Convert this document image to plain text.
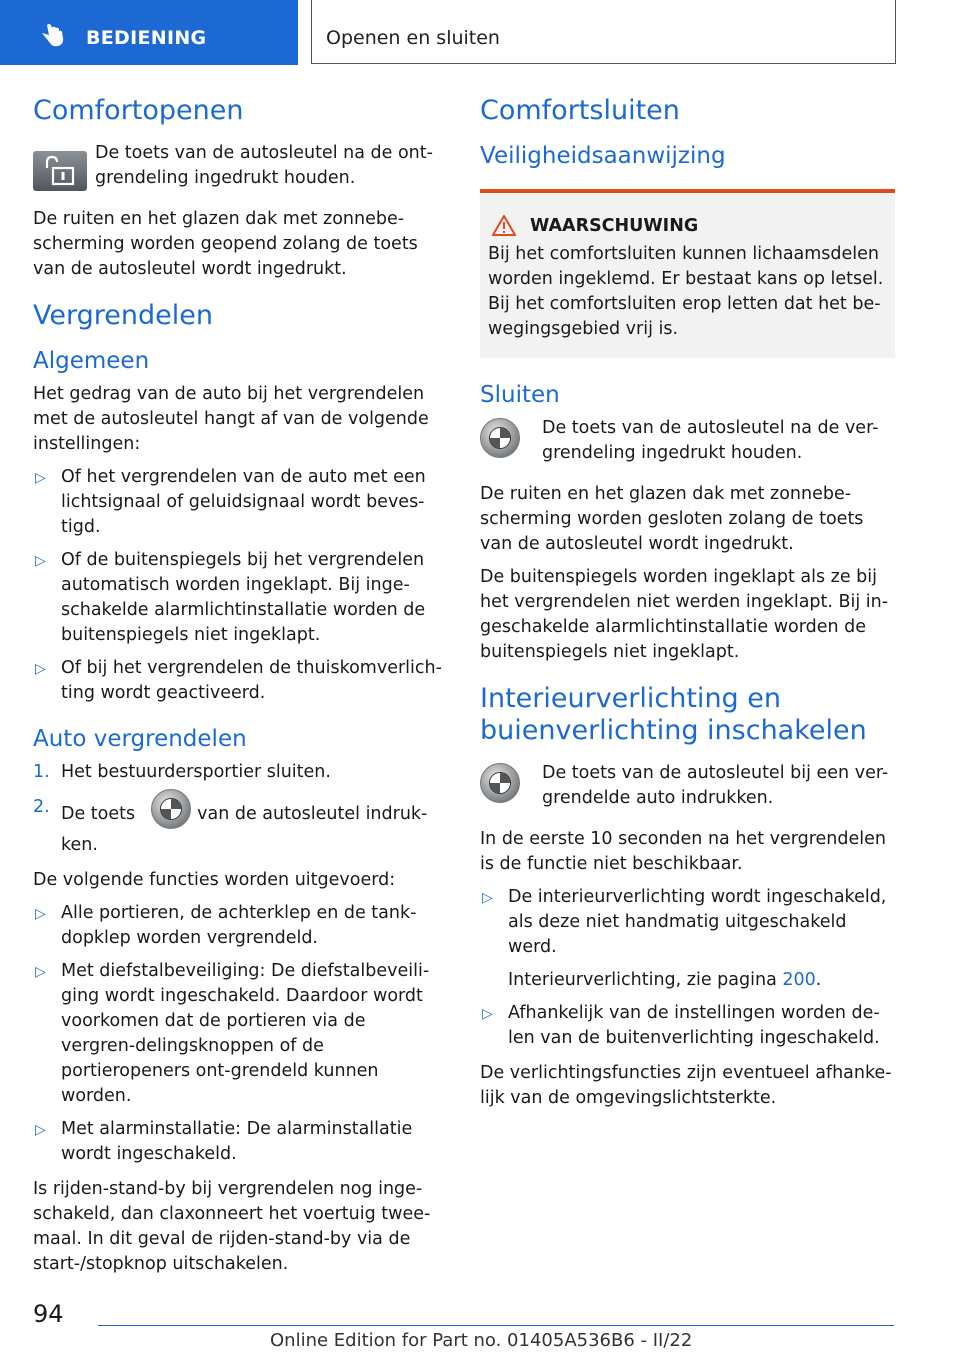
BEDIENING	Openen en sluiten
Comfortopenen
De toets van de autosleutel na de ont-grendeling ingedrukt houden.

De ruiten en het glazen dak met zonnebe-scherming worden geopend zolang de toets van de autosleutel wordt ingedrukt.

Vergrendelen
Algemeen

Het gedrag van de auto bij het vergrendelen met de autosleutel hangt af van de volgende instellingen:

▷ Of het vergrendelen van de auto met een lichtsignaal of geluidsignaal wordt beves-tigd.
▷ Of de buitenspiegels bij het vergrendelen automatisch worden ingeklapt. Bij inge-schakelde alarmlichtinstallatie worden de buitenspiegels niet ingeklapt.
▷ Of bij het vergrendelen de thuiskomverlich-ting wordt geactiveerd.
Auto vergrendelen
1. Het bestuurdersportier sluiten.
2. De toets	van de autosleutel indruk-ken.

De volgende functies worden uitgevoerd:

▷ Alle portieren, de achterklep en de tank-dopklep worden vergrendeld.
▷ Met diefstalbeveiliging: De diefstalbeveili-ging wordt ingeschakeld. Daardoor wordt voorkomen dat de portieren via de vergren-delingsknoppen of de portieropeners ont-grendeld kunnen worden.
▷ Met alarminstallatie: De alarminstallatie wordt ingeschakeld.

Is rijden-stand-by bij vergrendelen nog inge-schakeld, dan claxonneert het voertuig twee-maal. In dit geval de rijden-stand-by via de start-/stopknop uitschakelen.

Comfortsluiten
Veiligheidsaanwijzing
WAARSCHUWING

Bij het comfortsluiten kunnen lichaamsdelen worden ingeklemd. Er bestaat kans op letsel. Bij het comfortsluiten erop letten dat het be-wegingsgebied vrij is.

Sluiten
De toets van de autosleutel na de ver-grendeling ingedrukt houden.

De ruiten en het glazen dak met zonnebe-scherming worden gesloten zolang de toets van de autosleutel wordt ingedrukt.

De buitenspiegels worden ingeklapt als ze bij het vergrendelen niet werden ingeklapt. Bij in-geschakelde alarmlichtinstallatie worden de buitenspiegels niet ingeklapt.

Interieurverlichting en buienverlichting inschakelen
De toets van de autosleutel bij een ver-grendelde auto indrukken.

In de eerste 10 seconden na het vergrendelen is de functie niet beschikbaar.

▷ De interieurverlichting wordt ingeschakeld, als deze niet handmatig uitgeschakeld werd.
Interieurverlichting, zie pagina 200.
▷ Afhankelijk van de instellingen worden de-len van de buitenverlichting ingeschakeld.

De verlichtingsfuncties zijn eventueel afhanke-lijk van de omgevingslichtsterkte.

94
Online Edition for Part no. 01405A536B6 - II/22
